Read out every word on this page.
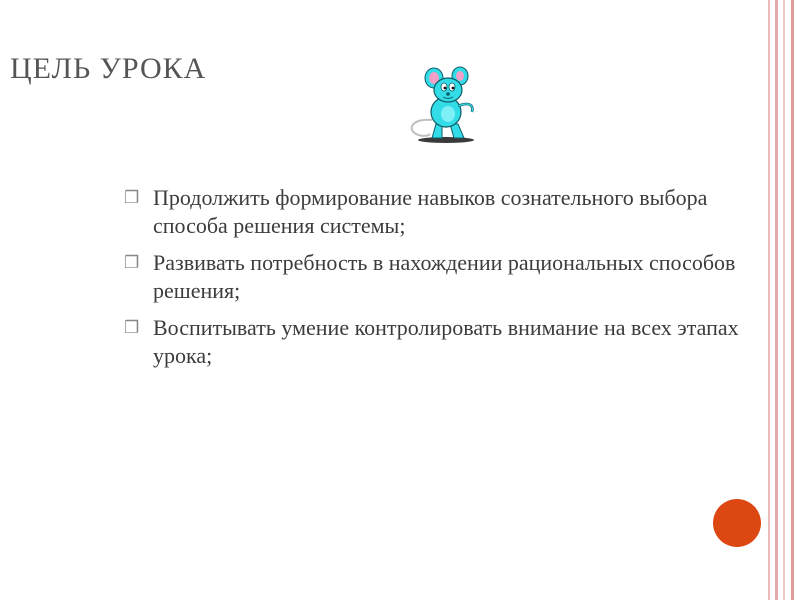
ЦЕЛЬ УРОКА
❒ Продолжить формирование навыков сознательного выбора способа решения системы;
❒ Развивать потребность в нахождении рациональных способов решения;
❒ Воспитывать умение контролировать внимание на всех этапах урока;
